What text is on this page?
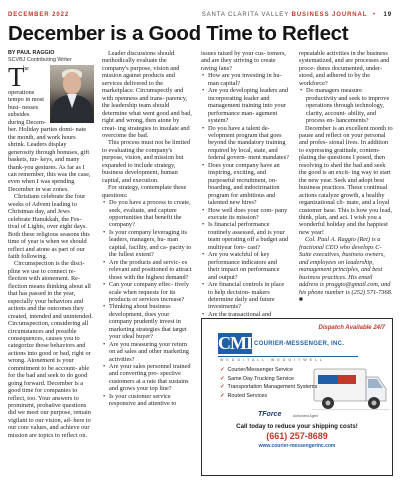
DECEMBER 2022	SANTA CLARITA VALLEY BUSINESS JOURNAL • 19
December is a Good Time to Reflect
BY PAUL RAGGIO
SCVBJ Contributing Writer
T

he operations tempo in most busi- nesses subsides during Decem- ber. Holiday parties domi- nate the month, and work hours shrink. Leaders display generosity through bonuses, gift baskets, tur- keys, and many thank-you gestures. As far as I can remember, this was the case, even when I was spending December in war zones.

Christians celebrate the four weeks of Advent leading to Christmas day, and Jews celebrate Hanukkah, the Fes- tival of Lights, over eight days. Both these religious seasons this time of year is when we should reflect and atone as part of our faith following.

Circumspection is the disci- pline we use to connect re- flection with atonement. Re- flection means thinking about all that has passed in the year, especially your behaviors and actions and the outcomes they created, intended and unintended. Circumspection, considering all circumstances and possible consequences, causes you to categorize those behaviors and actions into good or bad, right or wrong. Atonement is your commitment to be account- able for the bad and seek to do good going forward. December is a good time for companies to reflect, too. Your answers to prominent, probative questions did we meet our purpose, remain vigilant to our vision, ad- here to our core values, and achieve our mission are topics to reflect on.

Leader discussions should methodically evaluate the company's purpose, vision and mission against products and services delivered to the marketplace. Circumspectly and with openness and trans- parency, the leadership team should determine what went good and bad, right and wrong, then atone by creat- ing strategies to insulate and overcome the bad.

This process must not be limited to evaluating the company's purpose, vision, and mission but expanded to include strategy, business development, human capital, and execution.

For strategy, contemplate these questions:

• Do you have a process to create, seek, evaluate, and capture opportunities that benefit the company?
• Is your company leveraging its leaders, managers, hu- man capital, facility, and ca- pacity to the fullest extent?
• Are the products and servic- es relevant and positioned to attract those with the highest demand?
• Can your company effec- tively scale when requests for its products or services increase?
• Thinking about business development, does your company prudently invest in marketing strategies that target your ideal buyer?
• Are you measuring your return on ad sales and other marketing activities?
• Are your sales personnel trained and converting pro- spective customers at a rate that sustains and grows your top line?
• Is your customer service responsive and attentive to

issues raised by your cus- tomers, and are they striving to create raving fans?

• How are you investing in hu- man capital?
• Are you developing leaders and incorporating leader and management training into your performance man- agement system?
• Do you have a talent de- velopment program that goes beyond the mandatory training required by local, state, and federal govern- ment mandates?
• Does your company have an inspiring, exciting, and purposeful recruitment, on- boarding, and indoctrination program for ambitious and talented new hires?
• How well does your com- pany execute its mission?
• Is financial performance routinely assessed, and is your team operating off a budget and multiyear fore- cast?
• Are you watchful of key performance indicators and their impact on performance and output?
• Are financial controls in place to help decision- makers determine daily and future investments?
• Are the transactional and

repeatable activities in the business systematized, and are processes and proce- dures documented, under- stood, and adhered to by the workforce?

• Do managers measure productivity and seek to improve operations through technology, clarity, account- ability, and process en- hancements?

December is an excellent month to pause and reflect on your personal and profes- sional lives. In addition to expressing gratitude, contem- plating the questions I posed, then resolving to shed the bad and seek the good is an excit- ing way to start the new year. Seek and adopt best business practices. These continual actions catalyze growth, a healthy organizational cli- mate, and a loyal customer base. This is how you lead, think, plan, and act. I wish you a wonderful holiday and the happiest new year!

Col. Paul A. Raggio (Ret) is a fractional CEO who develops C-Suite executives, business owners, and employees on leadership, management principles, and best business practices. His email address is praggio@gmail.com, and his phone number is (252) 571-7368. ■

Dispatch Available 24/7
CMI COURIER-MESSENGER, INC.
W E D O I T A L L , W E D O I T W E L L
✓ Courier/Messenger Service
✓ Same Day Trucking Service
✓ Transportation Management Systems
✓ Routed Services
TForce	Authorized Agent
Call today to reduce your shipping costs!
(661) 257-8689
www.courier-messengerinc.com
